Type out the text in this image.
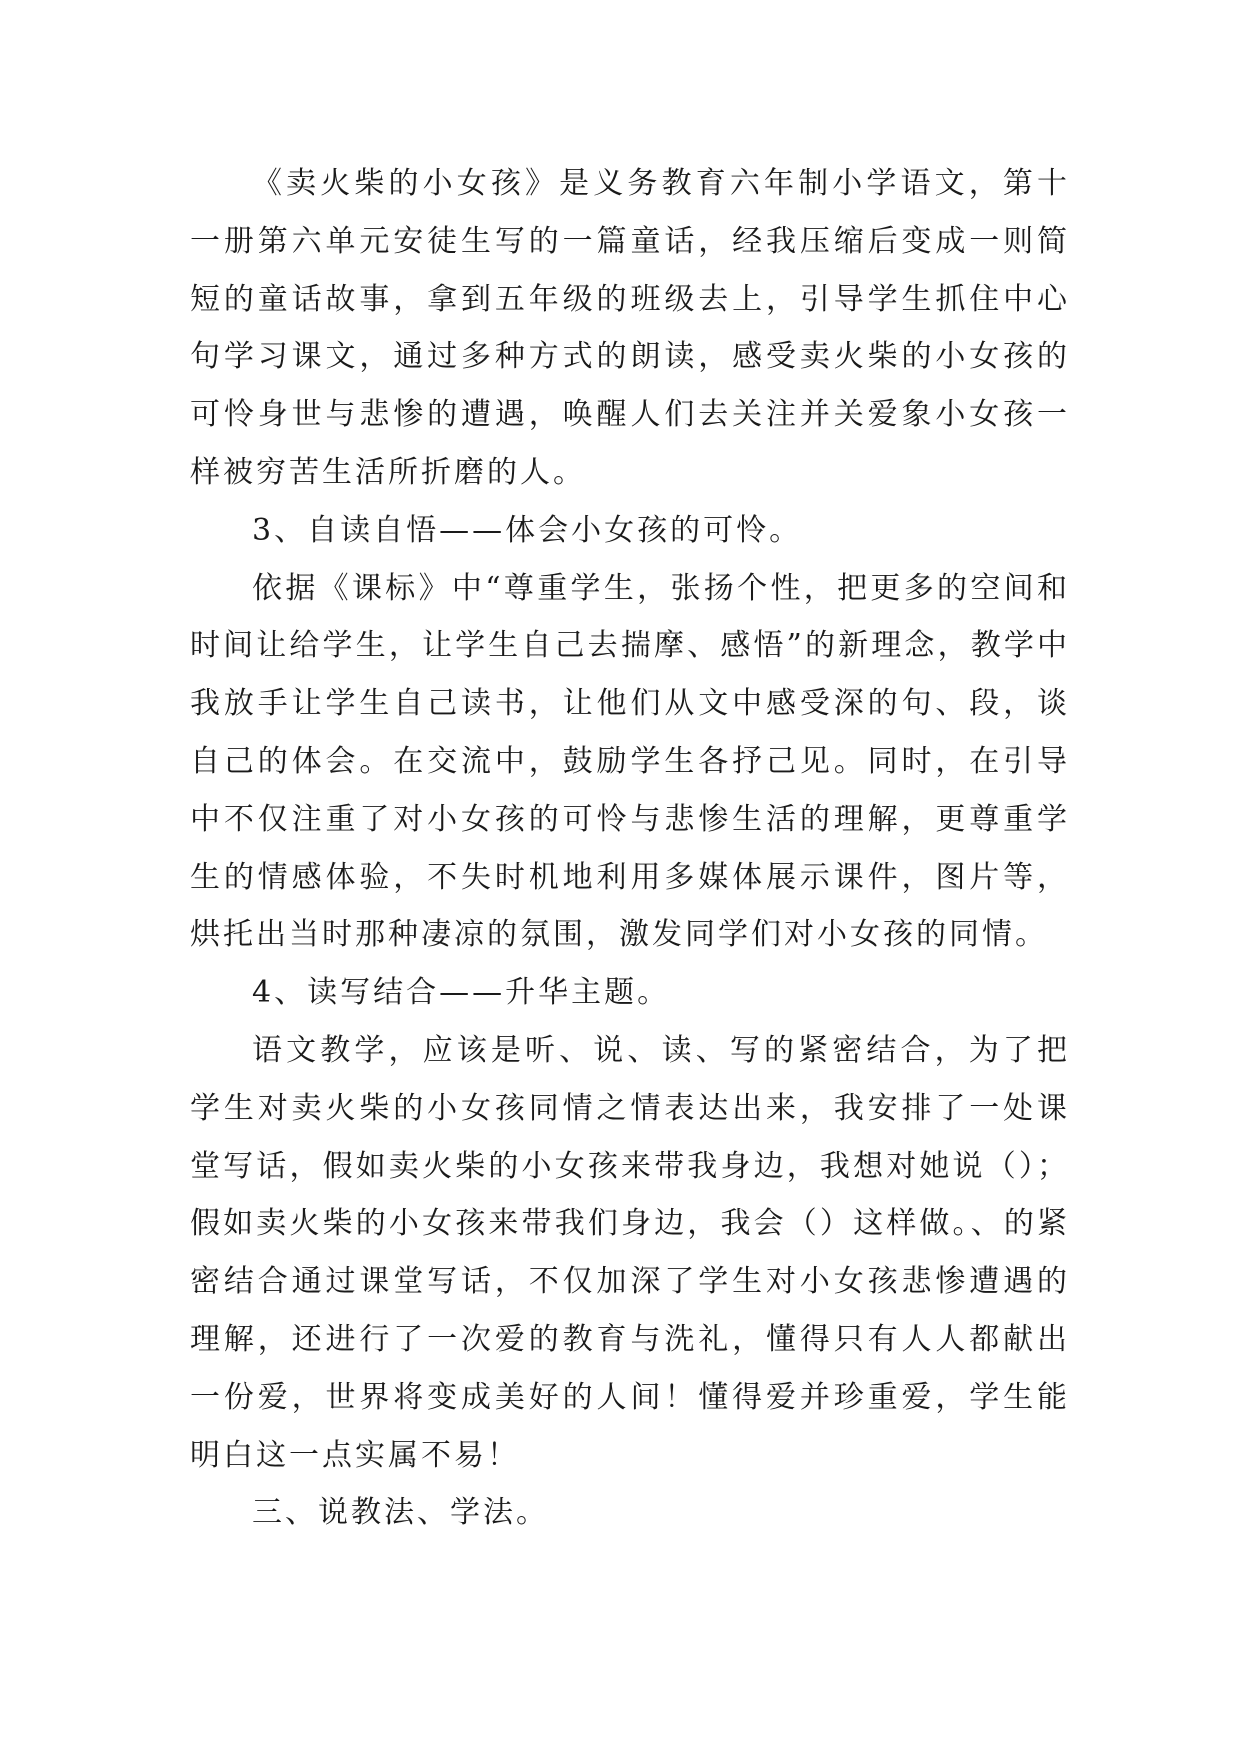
《卖火柴的小女孩》是义务教育六年制小学语文，第十一册第六单元安徒生写的一篇童话，经我压缩后变成一则简短的童话故事，拿到五年级的班级去上，引导学生抓住中心句学习课文，通过多种方式的朗读，感受卖火柴的小女孩的可怜身世与悲惨的遭遇，唤醒人们去关注并关爱象小女孩一样被穷苦生活所折磨的人。

3、自读自悟——体会小女孩的可怜。

依据《课标》中“尊重学生，张扬个性，把更多的空间和时间让给学生，让学生自己去揣摩、感悟”的新理念，教学中我放手让学生自己读书，让他们从文中感受深的句、段，谈自己的体会。在交流中，鼓励学生各抒己见。同时，在引导中不仅注重了对小女孩的可怜与悲惨生活的理解，更尊重学生的情感体验，不失时机地利用多媒体展示课件，图片等，烘托出当时那种凄凉的氛围，激发同学们对小女孩的同情。

4、读写结合——升华主题。

语文教学，应该是听、说、读、写的紧密结合，为了把学生对卖火柴的小女孩同情之情表达出来，我安排了一处课堂写话，假如卖火柴的小女孩来带我身边，我想对她说（）；假如卖火柴的小女孩来带我们身边，我会（）这样做。、的紧密结合通过课堂写话，不仅加深了学生对小女孩悲惨遭遇的理解，还进行了一次爱的教育与洗礼，懂得只有人人都献出一份爱，世界将变成美好的人间！懂得爱并珍重爱，学生能明白这一点实属不易！

三、说教法、学法。
